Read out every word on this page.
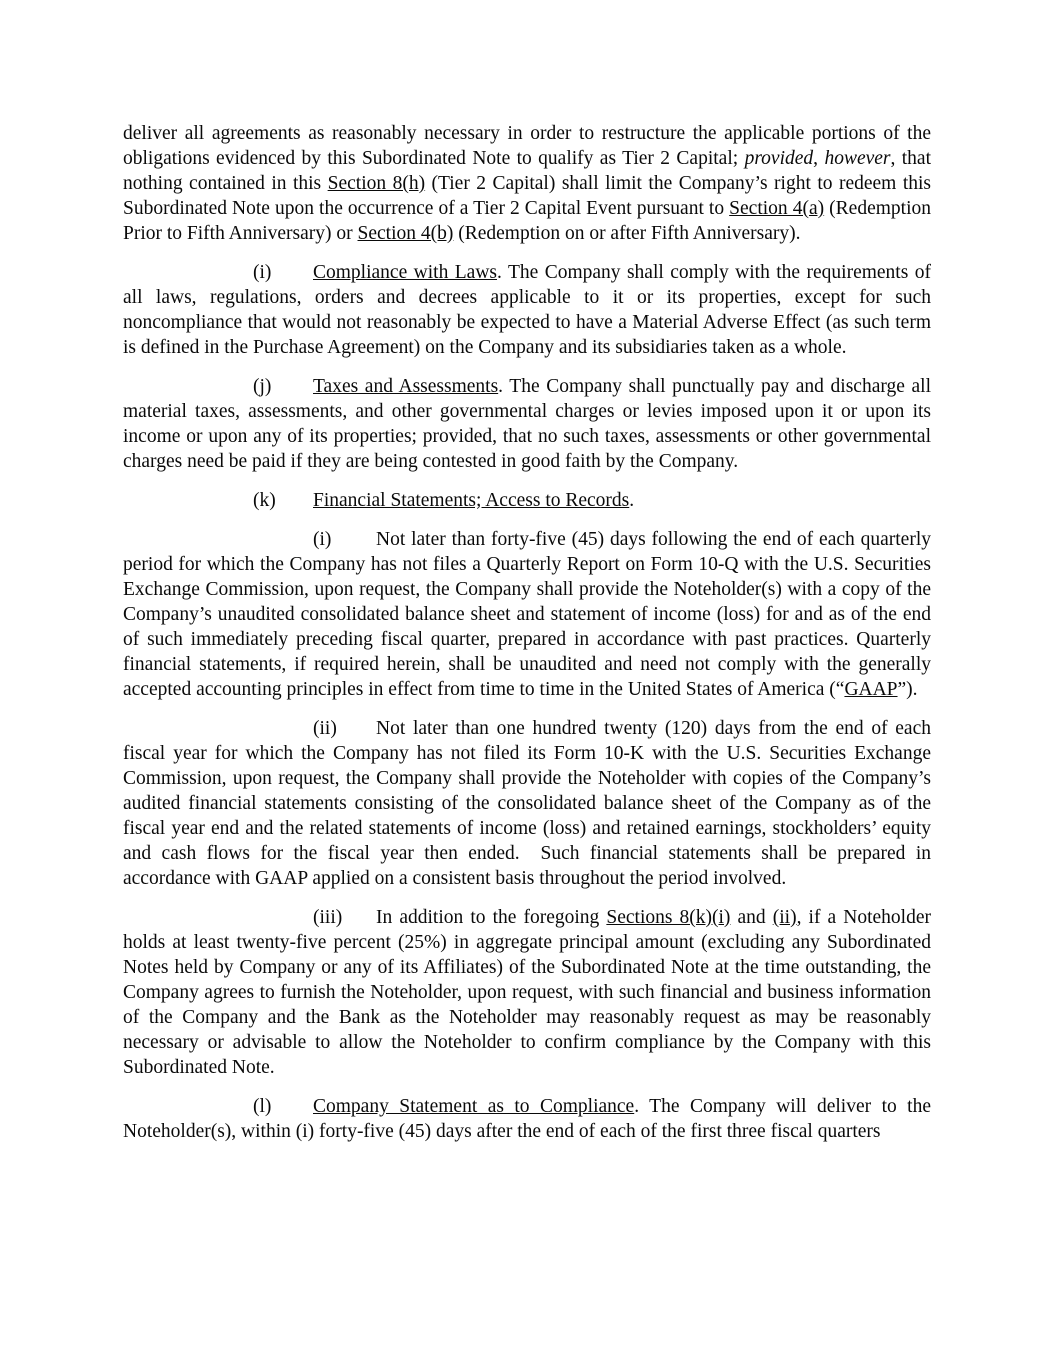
deliver all agreements as reasonably necessary in order to restructure the applicable portions of the obligations evidenced by this Subordinated Note to qualify as Tier 2 Capital; provided, however, that nothing contained in this Section 8(h) (Tier 2 Capital) shall limit the Company’s right to redeem this Subordinated Note upon the occurrence of a Tier 2 Capital Event pursuant to Section 4(a) (Redemption Prior to Fifth Anniversary) or Section 4(b) (Redemption on or after Fifth Anniversary).

(i) Compliance with Laws. The Company shall comply with the requirements of all laws, regulations, orders and decrees applicable to it or its properties, except for such noncompliance that would not reasonably be expected to have a Material Adverse Effect (as such term is defined in the Purchase Agreement) on the Company and its subsidiaries taken as a whole.

(j) Taxes and Assessments. The Company shall punctually pay and discharge all material taxes, assessments, and other governmental charges or levies imposed upon it or upon its income or upon any of its properties; provided, that no such taxes, assessments or other governmental charges need be paid if they are being contested in good faith by the Company.

(k) Financial Statements; Access to Records.

(i) Not later than forty-five (45) days following the end of each quarterly period for which the Company has not files a Quarterly Report on Form 10-Q with the U.S. Securities Exchange Commission, upon request, the Company shall provide the Noteholder(s) with a copy of the Company’s unaudited consolidated balance sheet and statement of income (loss) for and as of the end of such immediately preceding fiscal quarter, prepared in accordance with past practices. Quarterly financial statements, if required herein, shall be unaudited and need not comply with the generally accepted accounting principles in effect from time to time in the United States of America (“GAAP”).

(ii) Not later than one hundred twenty (120) days from the end of each fiscal year for which the Company has not filed its Form 10-K with the U.S. Securities Exchange Commission, upon request, the Company shall provide the Noteholder with copies of the Company’s audited financial statements consisting of the consolidated balance sheet of the Company as of the fiscal year end and the related statements of income (loss) and retained earnings, stockholders’ equity and cash flows for the fiscal year then ended.  Such financial statements shall be prepared in accordance with GAAP applied on a consistent basis throughout the period involved.

(iii) In addition to the foregoing Sections 8(k)(i) and (ii), if a Noteholder holds at least twenty-five percent (25%) in aggregate principal amount (excluding any Subordinated Notes held by Company or any of its Affiliates) of the Subordinated Note at the time outstanding, the Company agrees to furnish the Noteholder, upon request, with such financial and business information of the Company and the Bank as the Noteholder may reasonably request as may be reasonably necessary or advisable to allow the Noteholder to confirm compliance by the Company with this Subordinated Note.

(l) Company Statement as to Compliance. The Company will deliver to the Noteholder(s), within (i) forty-five (45) days after the end of each of the first three fiscal quarters
